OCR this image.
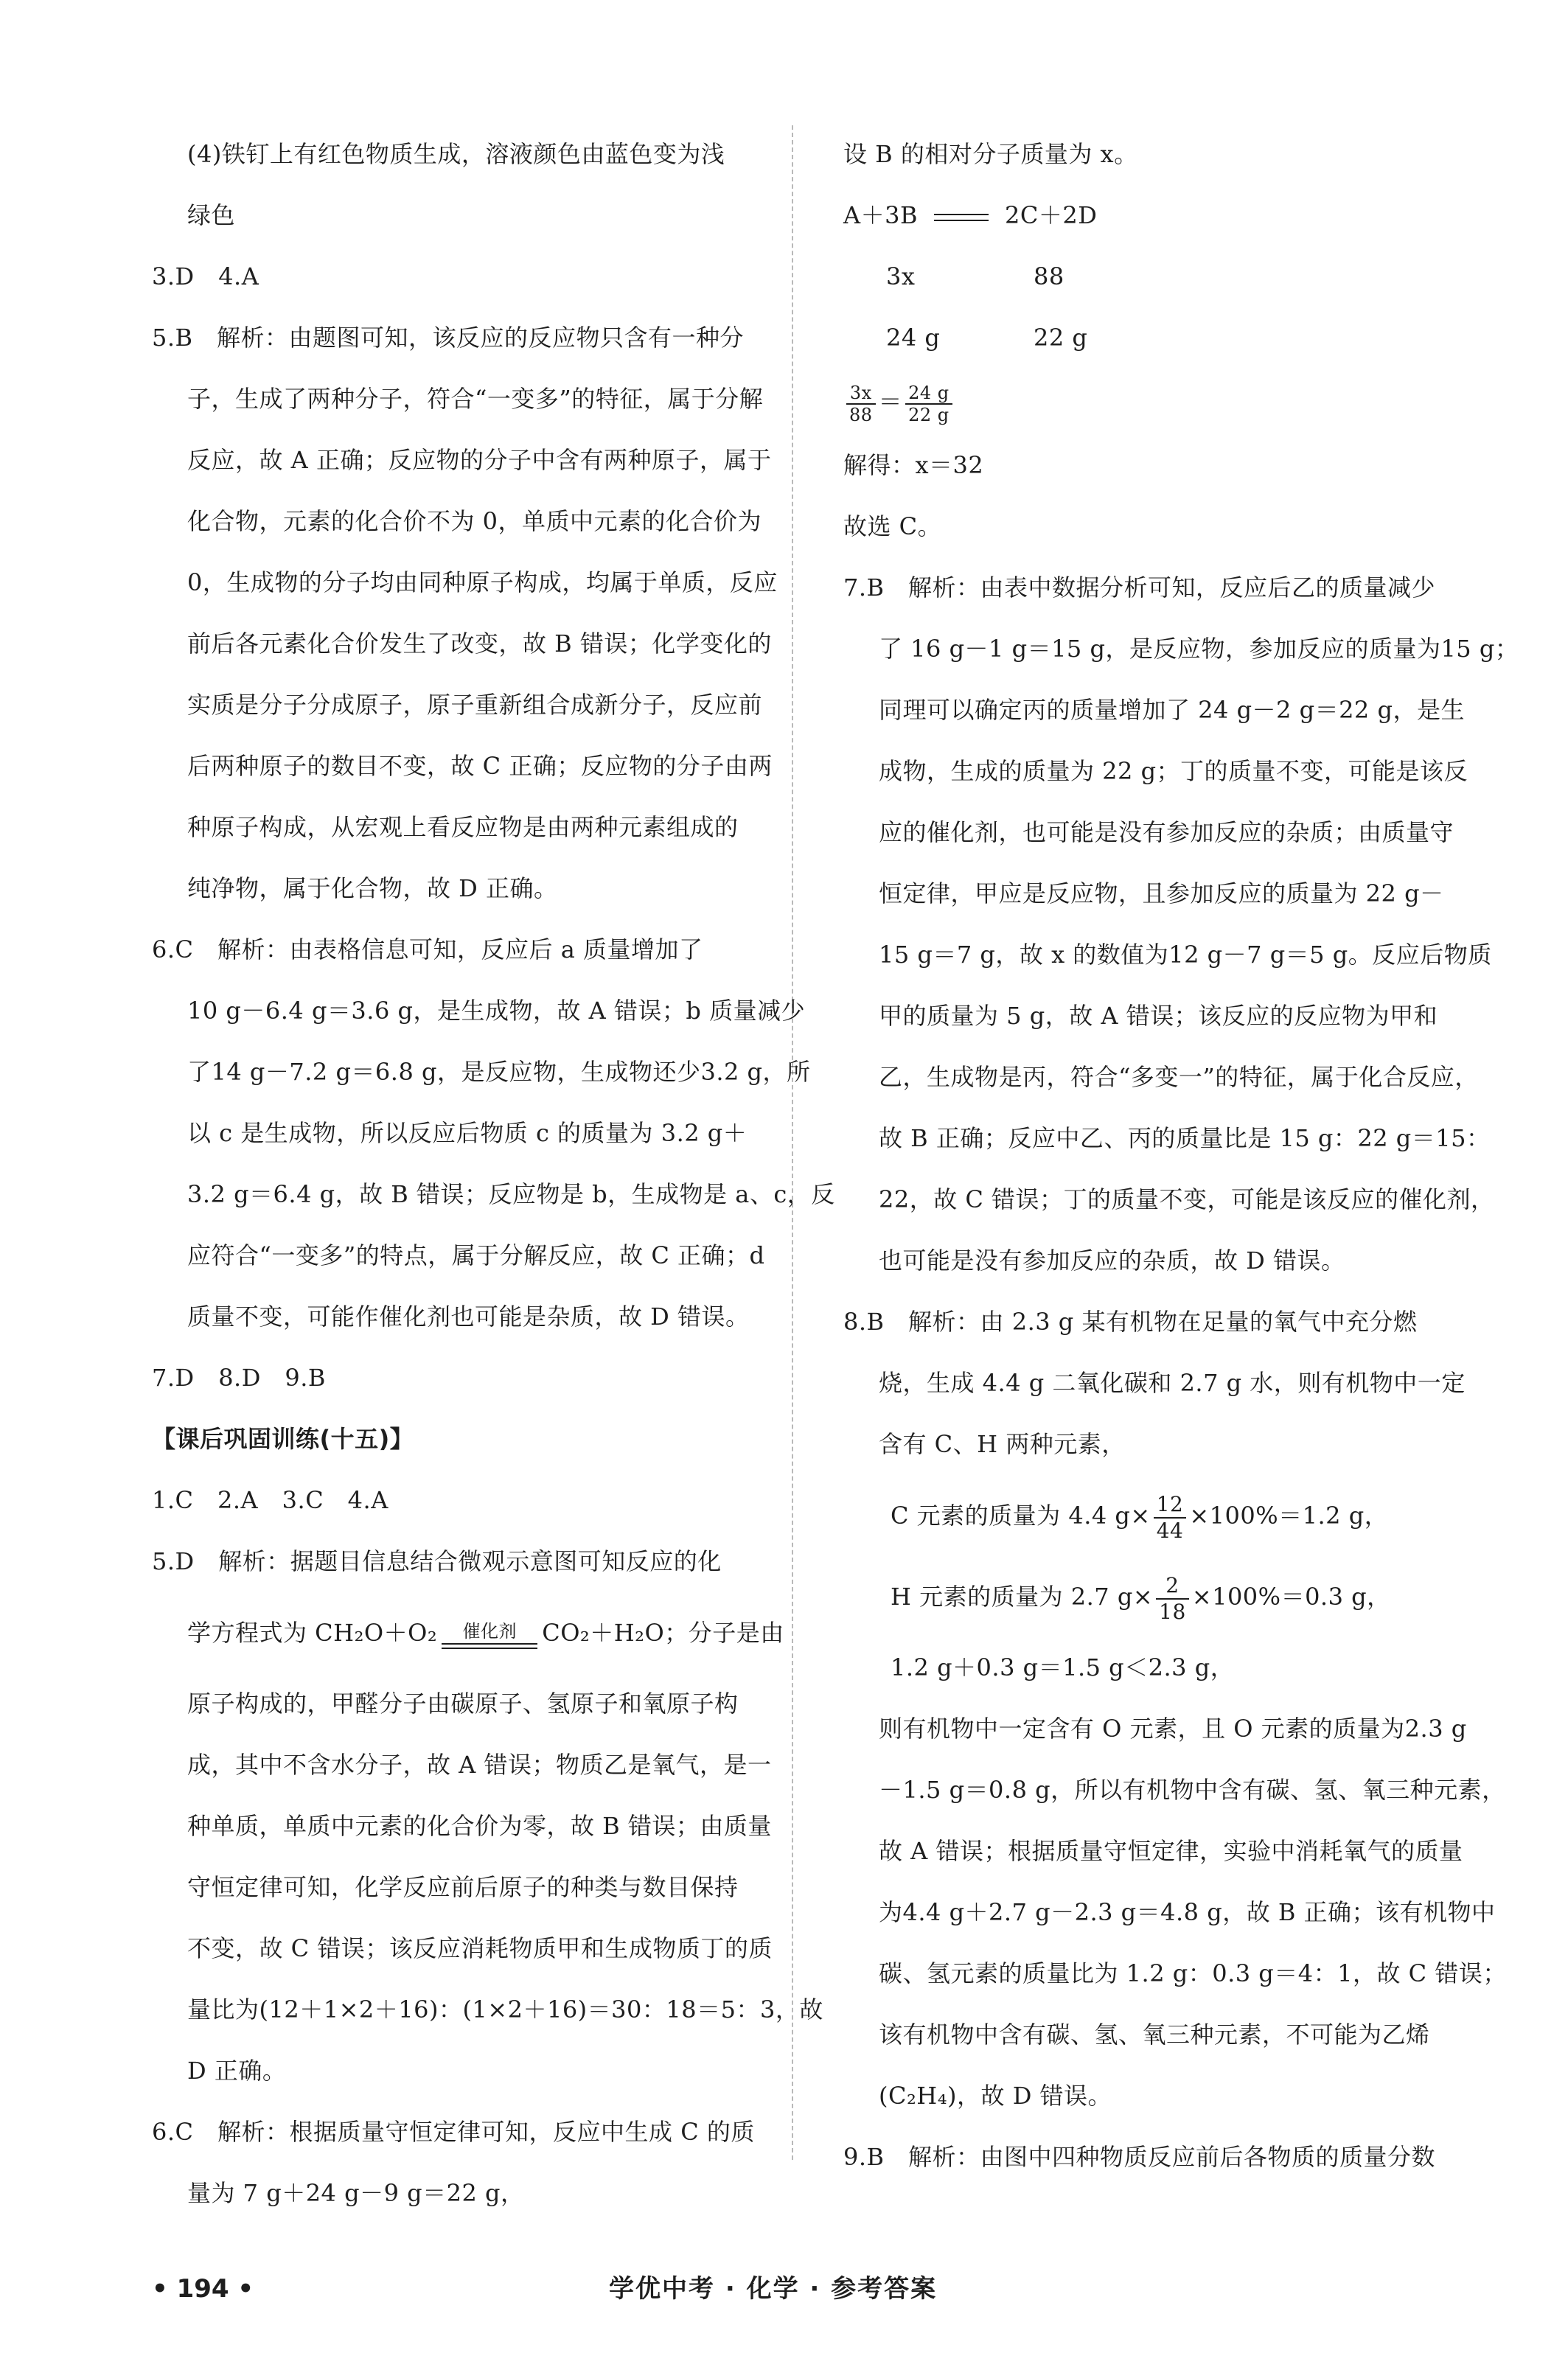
(4)铁钉上有红色物质生成，溶液颜色由蓝色变为浅
绿色
3.D　4.A
5.B　解析：由题图可知，该反应的反应物只含有一种分
子，生成了两种分子，符合“一变多”的特征，属于分解
反应，故 A 正确；反应物的分子中含有两种原子，属于
化合物，元素的化合价不为 0，单质中元素的化合价为
0，生成物的分子均由同种原子构成，均属于单质，反应
前后各元素化合价发生了改变，故 B 错误；化学变化的
实质是分子分成原子，原子重新组合成新分子，反应前
后两种原子的数目不变，故 C 正确；反应物的分子由两
种原子构成，从宏观上看反应物是由两种元素组成的
纯净物，属于化合物，故 D 正确。
6.C　解析：由表格信息可知，反应后 a 质量增加了
10 g－6.4 g＝3.6 g，是生成物，故 A 错误；b 质量减少
了14 g－7.2 g＝6.8 g，是反应物，生成物还少3.2 g，所
以 c 是生成物，所以反应后物质 c 的质量为 3.2 g＋
3.2 g＝6.4 g，故 B 错误；反应物是 b，生成物是 a、c，反
应符合“一变多”的特点，属于分解反应，故 C 正确；d
质量不变，可能作催化剂也可能是杂质，故 D 错误。
7.D　8.D　9.B
【课后巩固训练(十五)】
1.C　2.A　3.C　4.A
5.D　解析：据题目信息结合微观示意图可知反应的化
学方程式为 CH₂O＋O₂	催化剂	CO₂＋H₂O；分子是由
原子构成的，甲醛分子由碳原子、氢原子和氧原子构
成，其中不含水分子，故 A 错误；物质乙是氧气，是一
种单质，单质中元素的化合价为零，故 B 错误；由质量
守恒定律可知，化学反应前后原子的种类与数目保持
不变，故 C 错误；该反应消耗物质甲和生成物质丁的质
量比为(12＋1×2＋16)：(1×2＋16)＝30：18＝5：3，故
D 正确。
6.C　解析：根据质量守恒定律可知，反应中生成 C 的质
量为 7 g＋24 g－9 g＝22 g，
设 B 的相对分子质量为 x。
A＋3B	2C＋2D
3x	88
24 g	22 g
$\frac{3x}{88} = \frac{24 g}{22 g}$
解得：x＝32
故选 C。
7.B　解析：由表中数据分析可知，反应后乙的质量减少
了 16 g－1 g＝15 g，是反应物，参加反应的质量为15 g；
同理可以确定丙的质量增加了 24 g－2 g＝22 g，是生
成物，生成的质量为 22 g；丁的质量不变，可能是该反
应的催化剂，也可能是没有参加反应的杂质；由质量守
恒定律，甲应是反应物，且参加反应的质量为 22 g－
15 g＝7 g，故 x 的数值为12 g－7 g＝5 g。反应后物质
甲的质量为 5 g，故 A 错误；该反应的反应物为甲和
乙，生成物是丙，符合“多变一”的特征，属于化合反应，
故 B 正确；反应中乙、丙的质量比是 15 g：22 g＝15：
22，故 C 错误；丁的质量不变，可能是该反应的催化剂，
也可能是没有参加反应的杂质，故 D 错误。
8.B　解析：由 2.3 g 某有机物在足量的氧气中充分燃
烧，生成 4.4 g 二氧化碳和 2.7 g 水，则有机物中一定
含有 C、H 两种元素，
C 元素的质量为 4.4 $g\times \frac{12}{44} \times 100\%=1.2$ g，
H 元素的质量为 2.7 $g\times \frac{2}{18} \times 100\%=0.3$ g，
1.2 g＋0.3 g＝1.5 g＜2.3 g，
则有机物中一定含有 O 元素，且 O 元素的质量为2.3 g
－1.5 g＝0.8 g，所以有机物中含有碳、氢、氧三种元素，
故 A 错误；根据质量守恒定律，实验中消耗氧气的质量
为4.4 g＋2.7 g－2.3 g＝4.8 g，故 B 正确；该有机物中
碳、氢元素的质量比为 1.2 g：0.3 g＝4：1，故 C 错误；
该有机物中含有碳、氢、氧三种元素，不可能为乙烯
(C₂H₄)，故 D 错误。
9.B　解析：由图中四种物质反应前后各物质的质量分数
• 194 •	学优中考 · 化学 · 参考答案
